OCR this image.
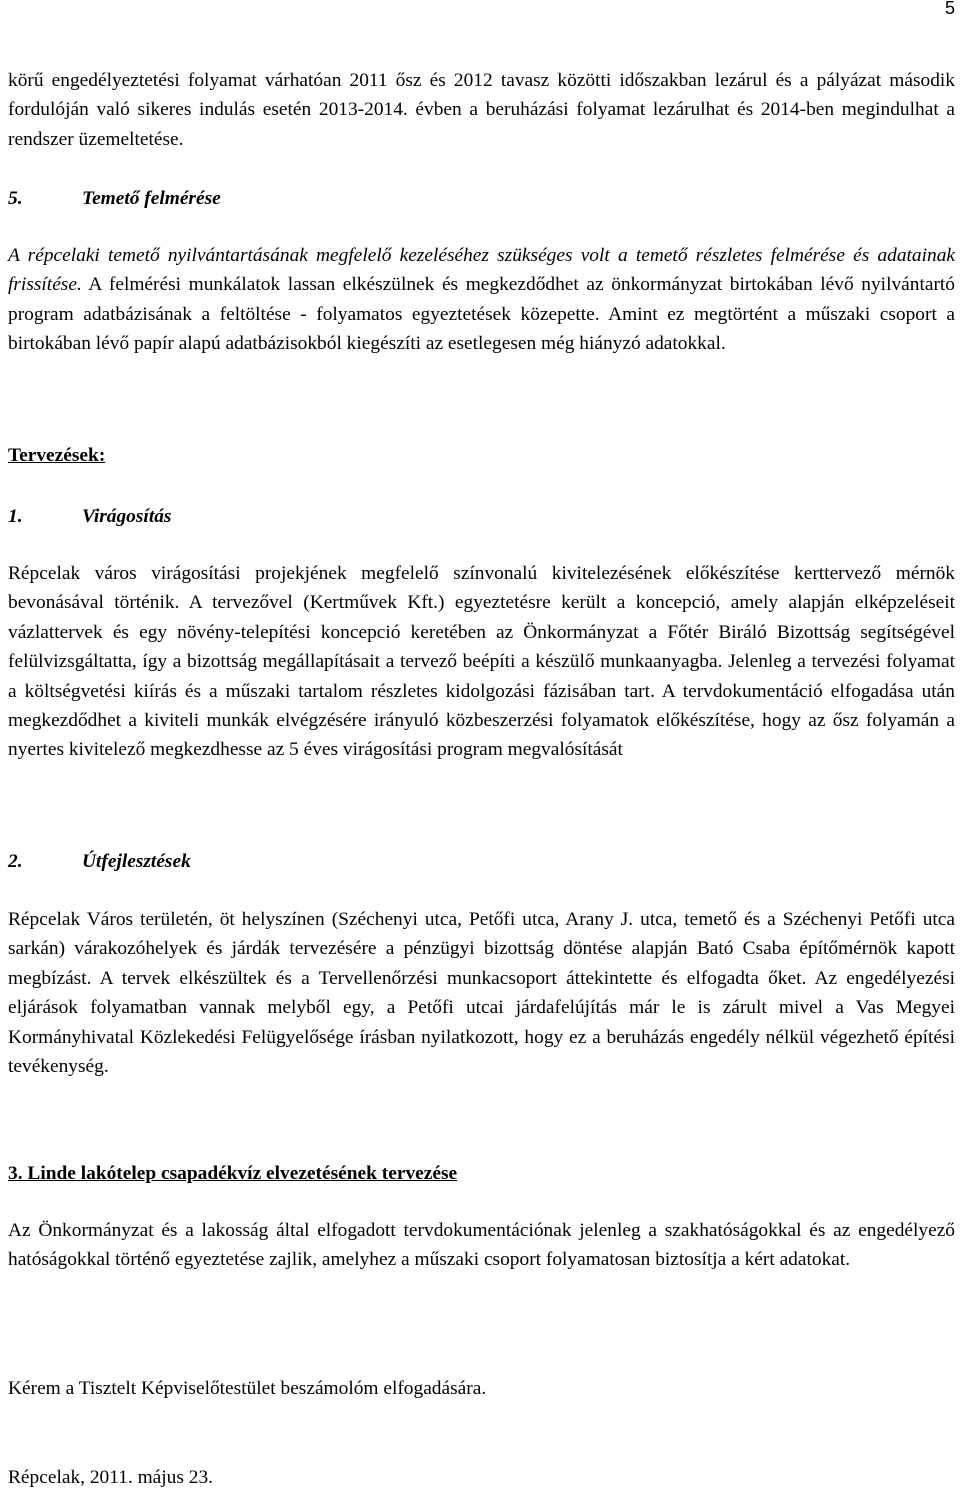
5

körű engedélyeztetési folyamat várhatóan 2011 ősz és 2012 tavasz közötti időszakban lezárul és a pályázat második fordulóján való sikeres indulás esetén 2013-2014. évben a beruházási folyamat lezárulhat és 2014-ben megindulhat a rendszer üzemeltetése.

5.	Temető felmérése

A répcelaki temető nyilvántartásának megfelelő kezeléséhez szükséges volt a temető részletes felmérése és adatainak frissítése. A felmérési munkálatok lassan elkészülnek és megkezdődhet az önkormányzat birtokában lévő nyilvántartó program adatbázisának a feltöltése - folyamatos egyeztetések közepette. Amint ez megtörtént a műszaki csoport a birtokában lévő papír alapú adatbázisokból kiegészíti az esetlegesen még hiányzó adatokkal.

Tervezések:

1.	Virágosítás

Répcelak város virágosítási projekjének megfelelő színvonalú kivitelezésének előkészítése kerttervező mérnök bevonásával történik. A tervezővel (Kertművek Kft.) egyeztetésre került a koncepció, amely alapján elképzeléseit vázlattervek és egy növény-telepítési koncepció keretében az Önkormányzat a Főtér Biráló Bizottság segítségével felülvizsgáltatta, így a bizottság megállapításait a tervező beépíti a készülő munkaanyagba. Jelenleg a tervezési folyamat a költségvetési kiírás és a műszaki tartalom részletes kidolgozási fázisában tart. A tervdokumentáció elfogadása után megkezdődhet a kiviteli munkák elvégzésére irányuló közbeszerzési folyamatok előkészítése, hogy az ősz folyamán a nyertes kivitelező megkezdhesse az 5 éves virágosítási program megvalósítását

2.	Útfejlesztések

Répcelak Város területén, öt helyszínen (Széchenyi utca, Petőfi utca, Arany J. utca, temető és a Széchenyi Petőfi utca sarkán) várakozóhelyek és járdák tervezésére a pénzügyi bizottság döntése alapján Bató Csaba építőmérnök kapott megbízást. A tervek elkészültek és a Tervellenőrzési munkacsoport áttekintette és elfogadta őket. Az engedélyezési eljárások folyamatban vannak melyből egy, a Petőfi utcai járdafelújítás már le is zárult mivel a Vas Megyei Kormányhivatal Közlekedési Felügyelősége írásban nyilatkozott, hogy ez a beruházás engedély nélkül végezhető építési tevékenység.

3. Linde lakótelep csapadékvíz elvezetésének tervezése

Az Önkormányzat és a lakosság által elfogadott tervdokumentációnak jelenleg a szakhatóságokkal és az engedélyező hatóságokkal történő egyeztetése zajlik, amelyhez a műszaki csoport folyamatosan biztosítja a kért adatokat.

Kérem a Tisztelt Képviselőtestület beszámolóm elfogadására.

Répcelak, 2011. május 23.
